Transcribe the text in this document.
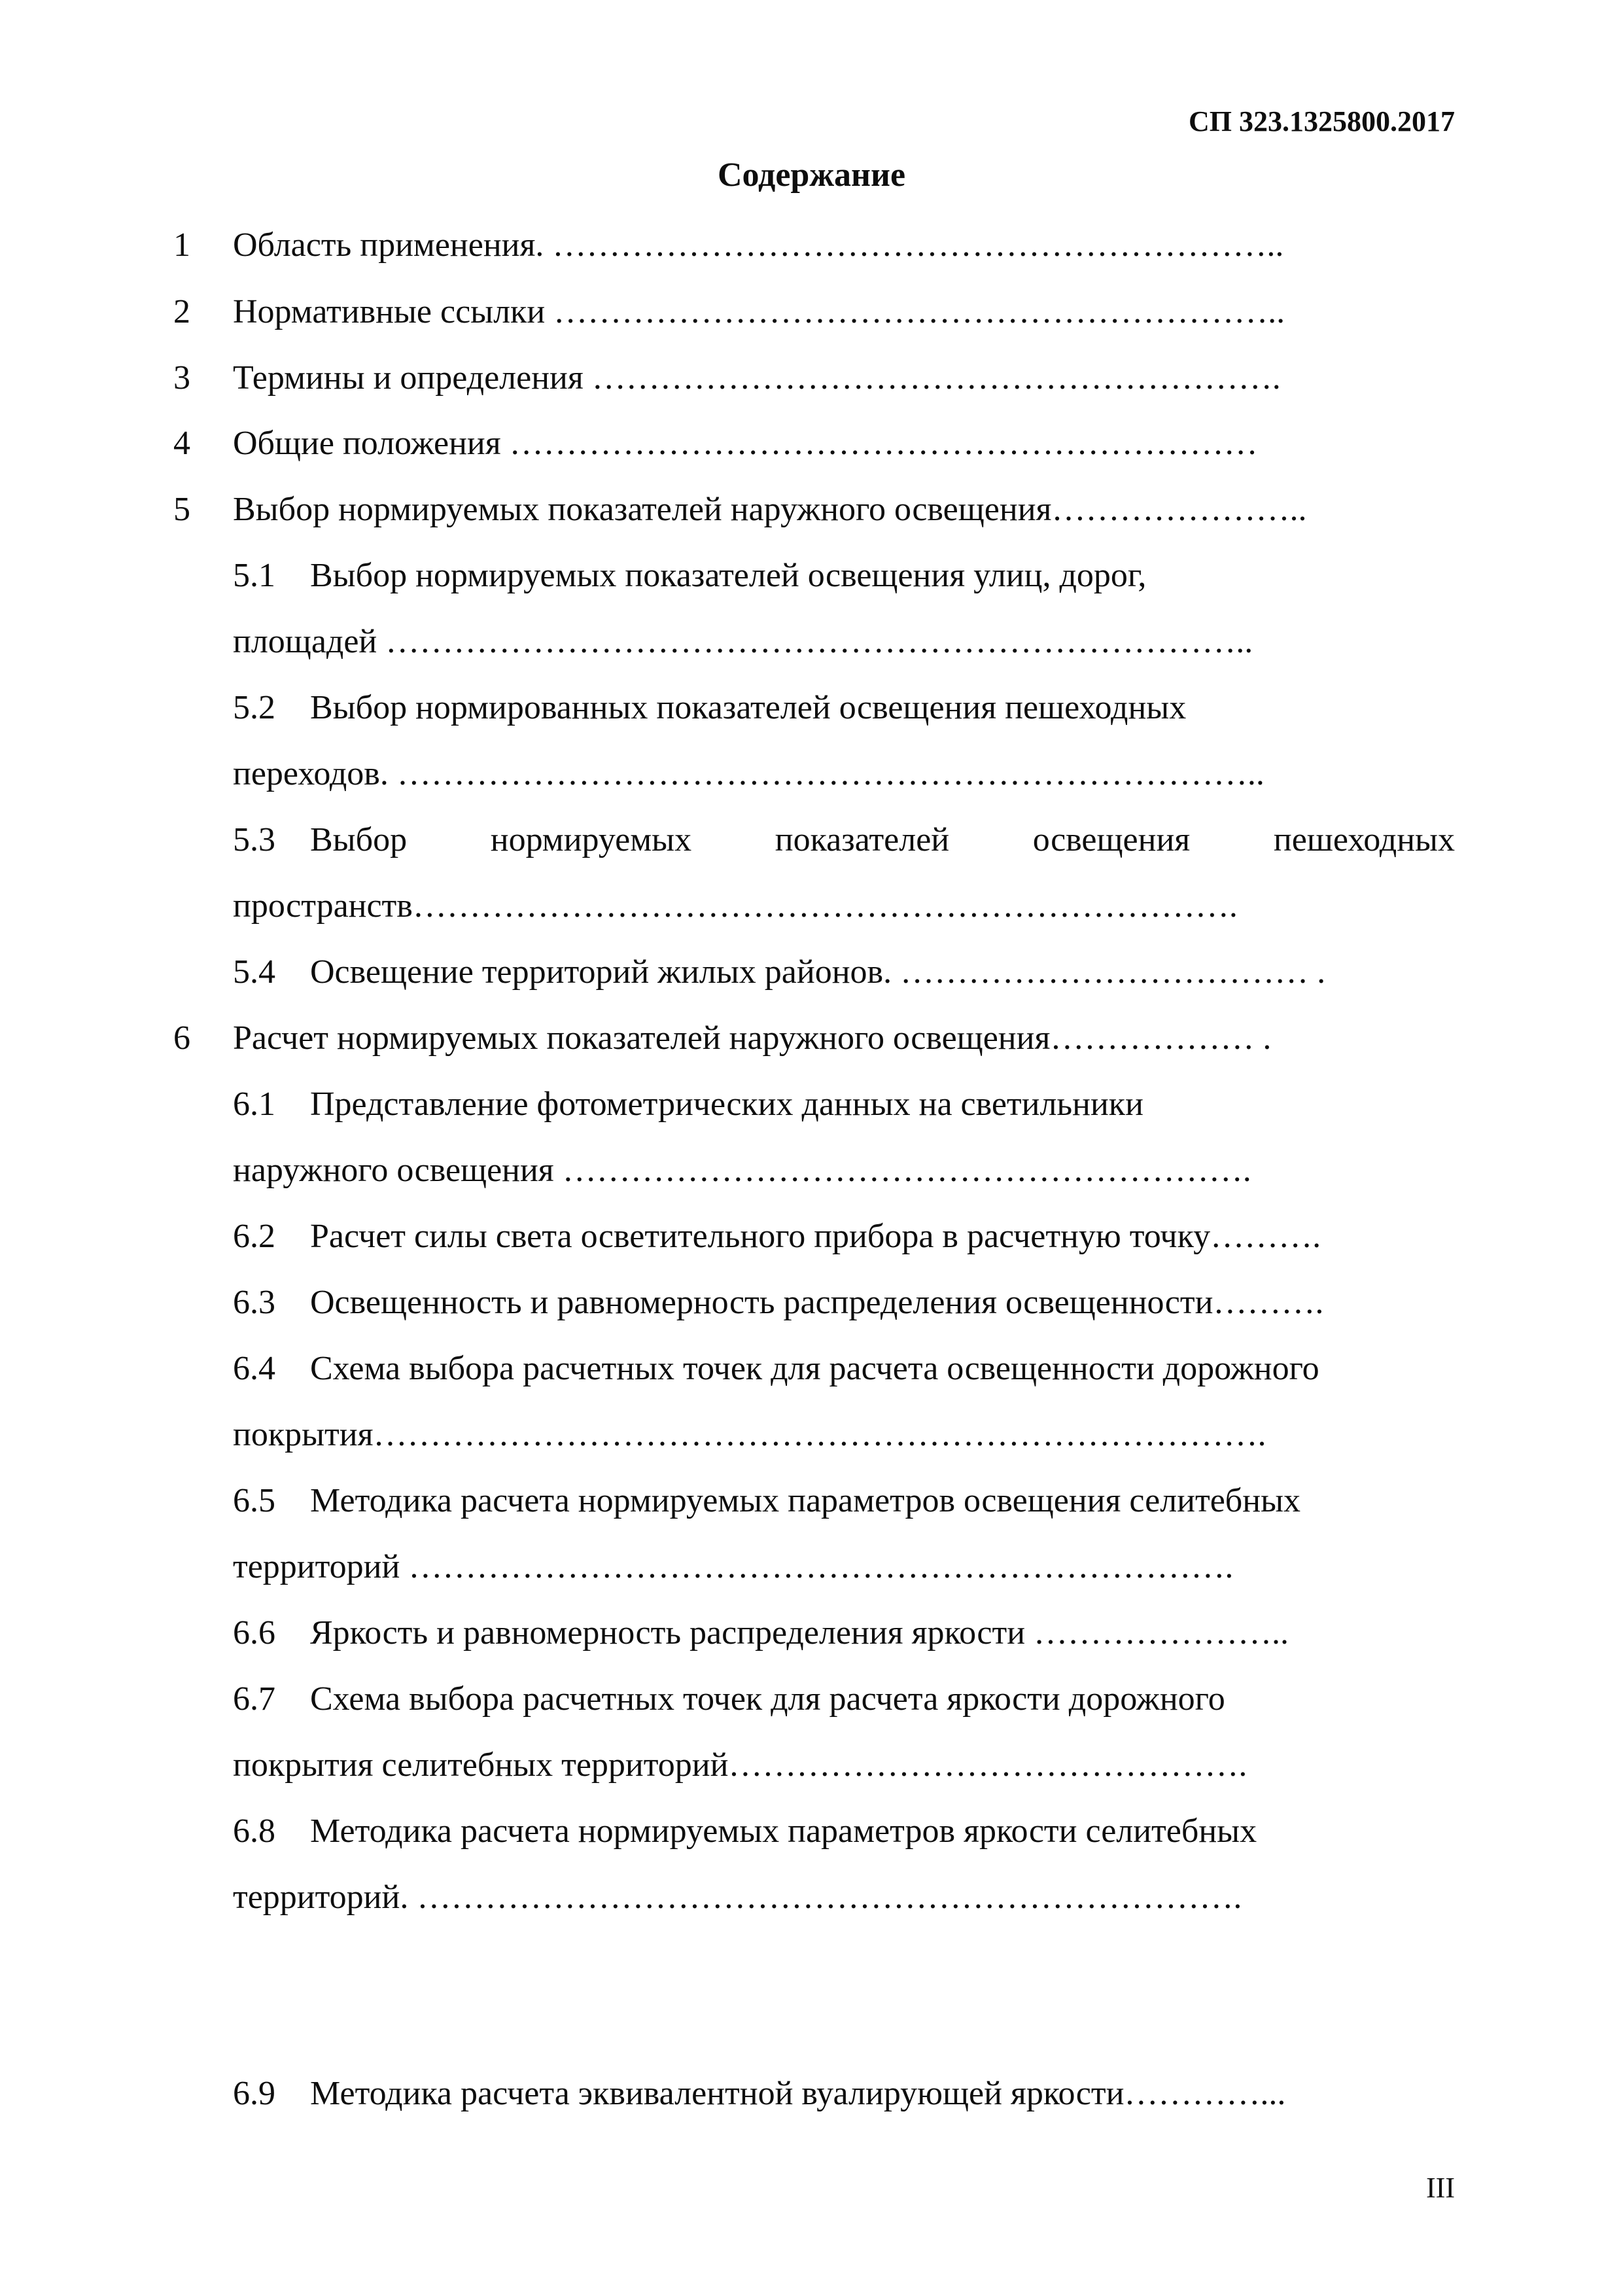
СП 323.1325800.2017

Содержание
1 Область применения. ………………………………………………………..
2 Нормативные ссылки ………………………………………………………..
3 Термины и определения …………………………………………………….
4 Общие положения …………………………………………………………
5 Выбор нормируемых показателей наружного освещения…………………..
5.1 Выбор нормируемых показателей освещения улиц, дорог,
площадей …………………………………………………………………..
5.2 Выбор нормированных показателей освещения пешеходных
переходов. …………………………………………………………………..
5.3 Выбор нормируемых показателей освещения пешеходных
пространств……………………………………………………………….
5.4 Освещение территорий жилых районов. ……………………………… .
6 Расчет нормируемых показателей наружного освещения……………… .
6.1 Представление фотометрических данных на светильники
наружного освещения …………………………………………………….
6.2 Расчет силы света осветительного прибора в расчетную точку……….
6.3 Освещенность и равномерность распределения освещенности……….
6.4 Схема выбора расчетных точек для расчета освещенности дорожного
покрытия…………………………………………………………………….
6.5 Методика расчета нормируемых параметров освещения селитебных
территорий ……………………………………………………………….
6.6 Яркость и равномерность распределения яркости …………………..
6.7 Схема выбора расчетных точек для расчета яркости дорожного
покрытия селитебных территорий……………………………………….
6.8 Методика расчета нормируемых параметров яркости селитебных
территорий. ……………………………………………………………….
6.9 Методика расчета эквивалентной вуалирующей яркости…………...

III
